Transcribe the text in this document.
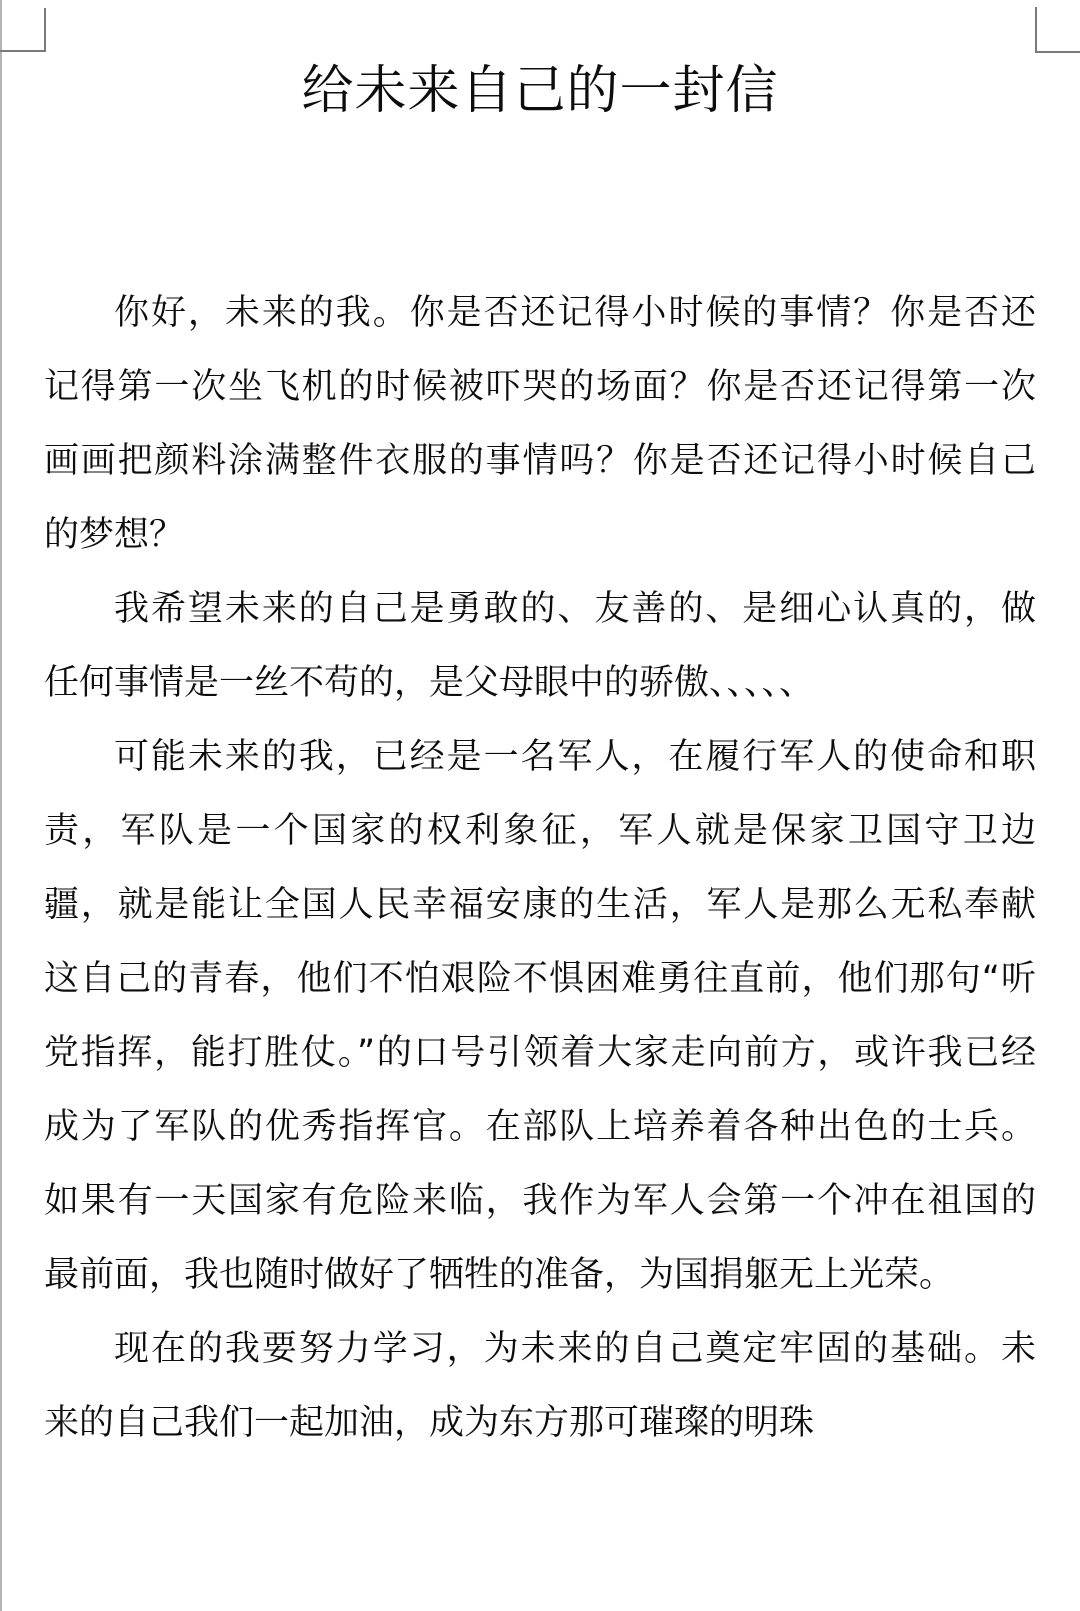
给未来自己的一封信
你好，未来的我。你是否还记得小时候的事情？你是否还
记得第一次坐飞机的时候被吓哭的场面？你是否还记得第一次
画画把颜料涂满整件衣服的事情吗？你是否还记得小时候自己
的梦想？
我希望未来的自己是勇敢的、友善的、是细心认真的，做
任何事情是一丝不苟的，是父母眼中的骄傲、、、、、
可能未来的我，已经是一名军人，在履行军人的使命和职
责，军队是一个国家的权利象征，军人就是保家卫国守卫边
疆，就是能让全国人民幸福安康的生活，军人是那么无私奉献
这自己的青春，他们不怕艰险不惧困难勇往直前，他们那句“听
党指挥，能打胜仗。”的口号引领着大家走向前方，或许我已经
成为了军队的优秀指挥官。在部队上培养着各种出色的士兵。
如果有一天国家有危险来临，我作为军人会第一个冲在祖国的
最前面，我也随时做好了牺牲的准备，为国捐躯无上光荣。
现在的我要努力学习，为未来的自己奠定牢固的基础。未
来的自己我们一起加油，成为东方那可璀璨的明珠
